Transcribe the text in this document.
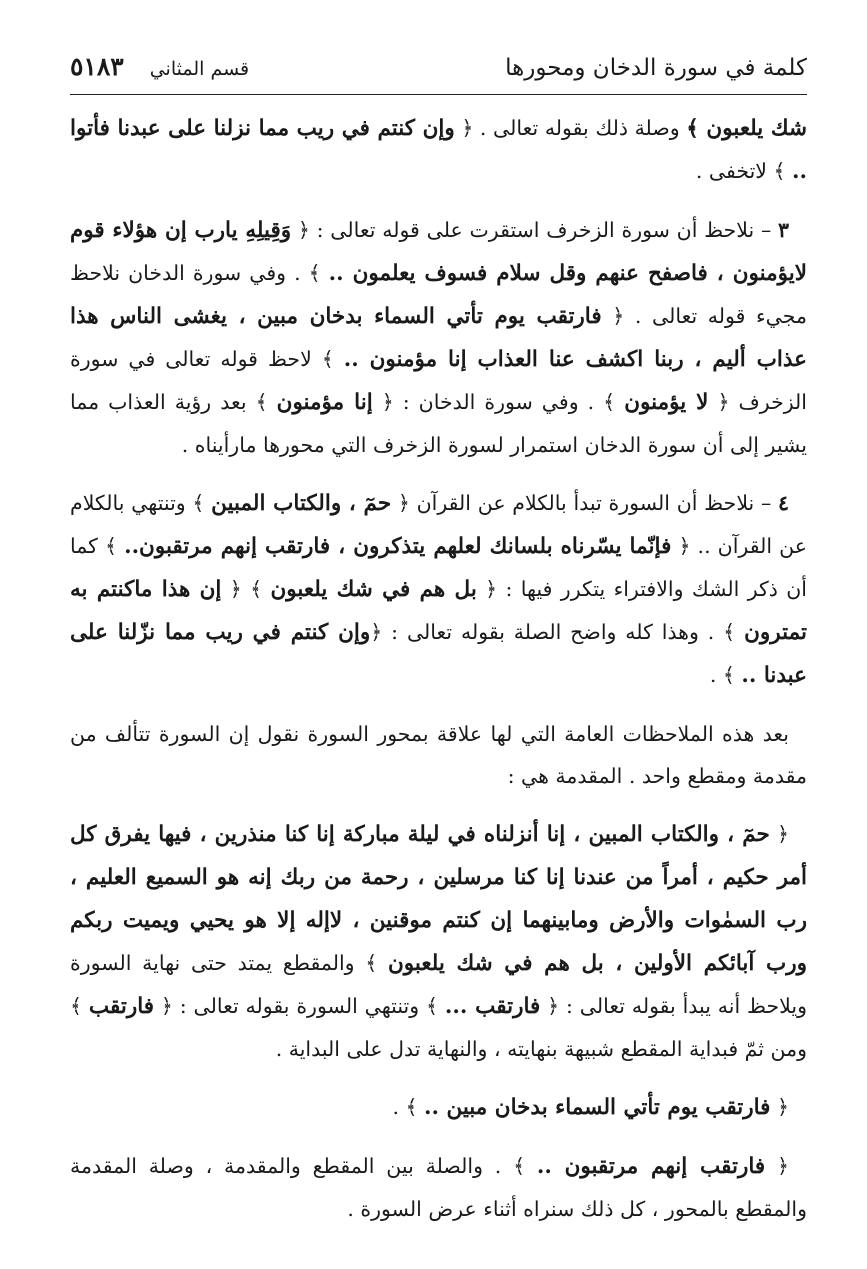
كلمة في سورة الدخان ومحورها
قسم المثاني
٥١٨٣

شك يلعبون ﴾ وصلة ذلك بقوله تعالى . ﴿ وإن كنتم في ريب مما نزلنا على عبدنا فأتوا .. ﴾ لاتخفى .

٣ – نلاحظ أن سورة الزخرف استقرت على قوله تعالى : ﴿ وَقِيلِهِ يارب إن هؤلاء قوم لايؤمنون ، فاصفح عنهم وقل سلام فسوف يعلمون .. ﴾ . وفي سورة الدخان نلاحظ مجيء قوله تعالى . ﴿ فارتقب يوم تأتي السماء بدخان مبين ، يغشى الناس هذا عذاب أليم ، ربنا اكشف عنا العذاب إنا مؤمنون .. ﴾ لاحظ قوله تعالى في سورة الزخرف ﴿ لا يؤمنون ﴾ . وفي سورة الدخان : ﴿ إنا مؤمنون ﴾ بعد رؤية العذاب مما يشير إلى أن سورة الدخان استمرار لسورة الزخرف التي محورها مارأيناه .

٤ – نلاحظ أن السورة تبدأ بالكلام عن القرآن ﴿ حمٓ ، والكتاب المبين ﴾ وتنتهي بالكلام عن القرآن .. ﴿ فإنّما يسّرناه بلسانك لعلهم يتذكرون ، فارتقب إنهم مرتقبون.. ﴾ كما أن ذكر الشك والافتراء يتكرر فيها : ﴿ بل هم في شك يلعبون ﴾ ﴿ إن هذا ماكنتم به تمترون ﴾ . وهذا كله واضح الصلة بقوله تعالى : ﴿وإن كنتم في ريب مما نزّلنا على عبدنا .. ﴾ .

بعد هذه الملاحظات العامة التي لها علاقة بمحور السورة نقول إن السورة تتألف من مقدمة ومقطع واحد . المقدمة هي :

﴿ حمٓ ، والكتاب المبين ، إنا أنزلناه في ليلة مباركة إنا كنا منذرين ، فيها يفرق كل أمر حكيم ، أمراً من عندنا إنا كنا مرسلين ، رحمة من ربك إنه هو السميع العليم ، رب السمٰوات والأرض ومابينهما إن كنتم موقنين ، لاإله إلا هو يحيي ويميت ربكم ورب آبائكم الأولين ، بل هم في شك يلعبون ﴾ والمقطع يمتد حتى نهاية السورة ويلاحظ أنه يبدأ بقوله تعالى : ﴿ فارتقب ... ﴾ وتنتهي السورة بقوله تعالى : ﴿ فارتقب ﴾ ومن ثمّ فبداية المقطع شبيهة بنهايته ، والنهاية تدل على البداية .

﴿ فارتقب يوم تأتي السماء بدخان مبين .. ﴾ .

﴿ فارتقب إنهم مرتقبون .. ﴾ . والصلة بين المقطع والمقدمة ، وصلة المقدمة والمقطع بالمحور ، كل ذلك سنراه أثناء عرض السورة .
